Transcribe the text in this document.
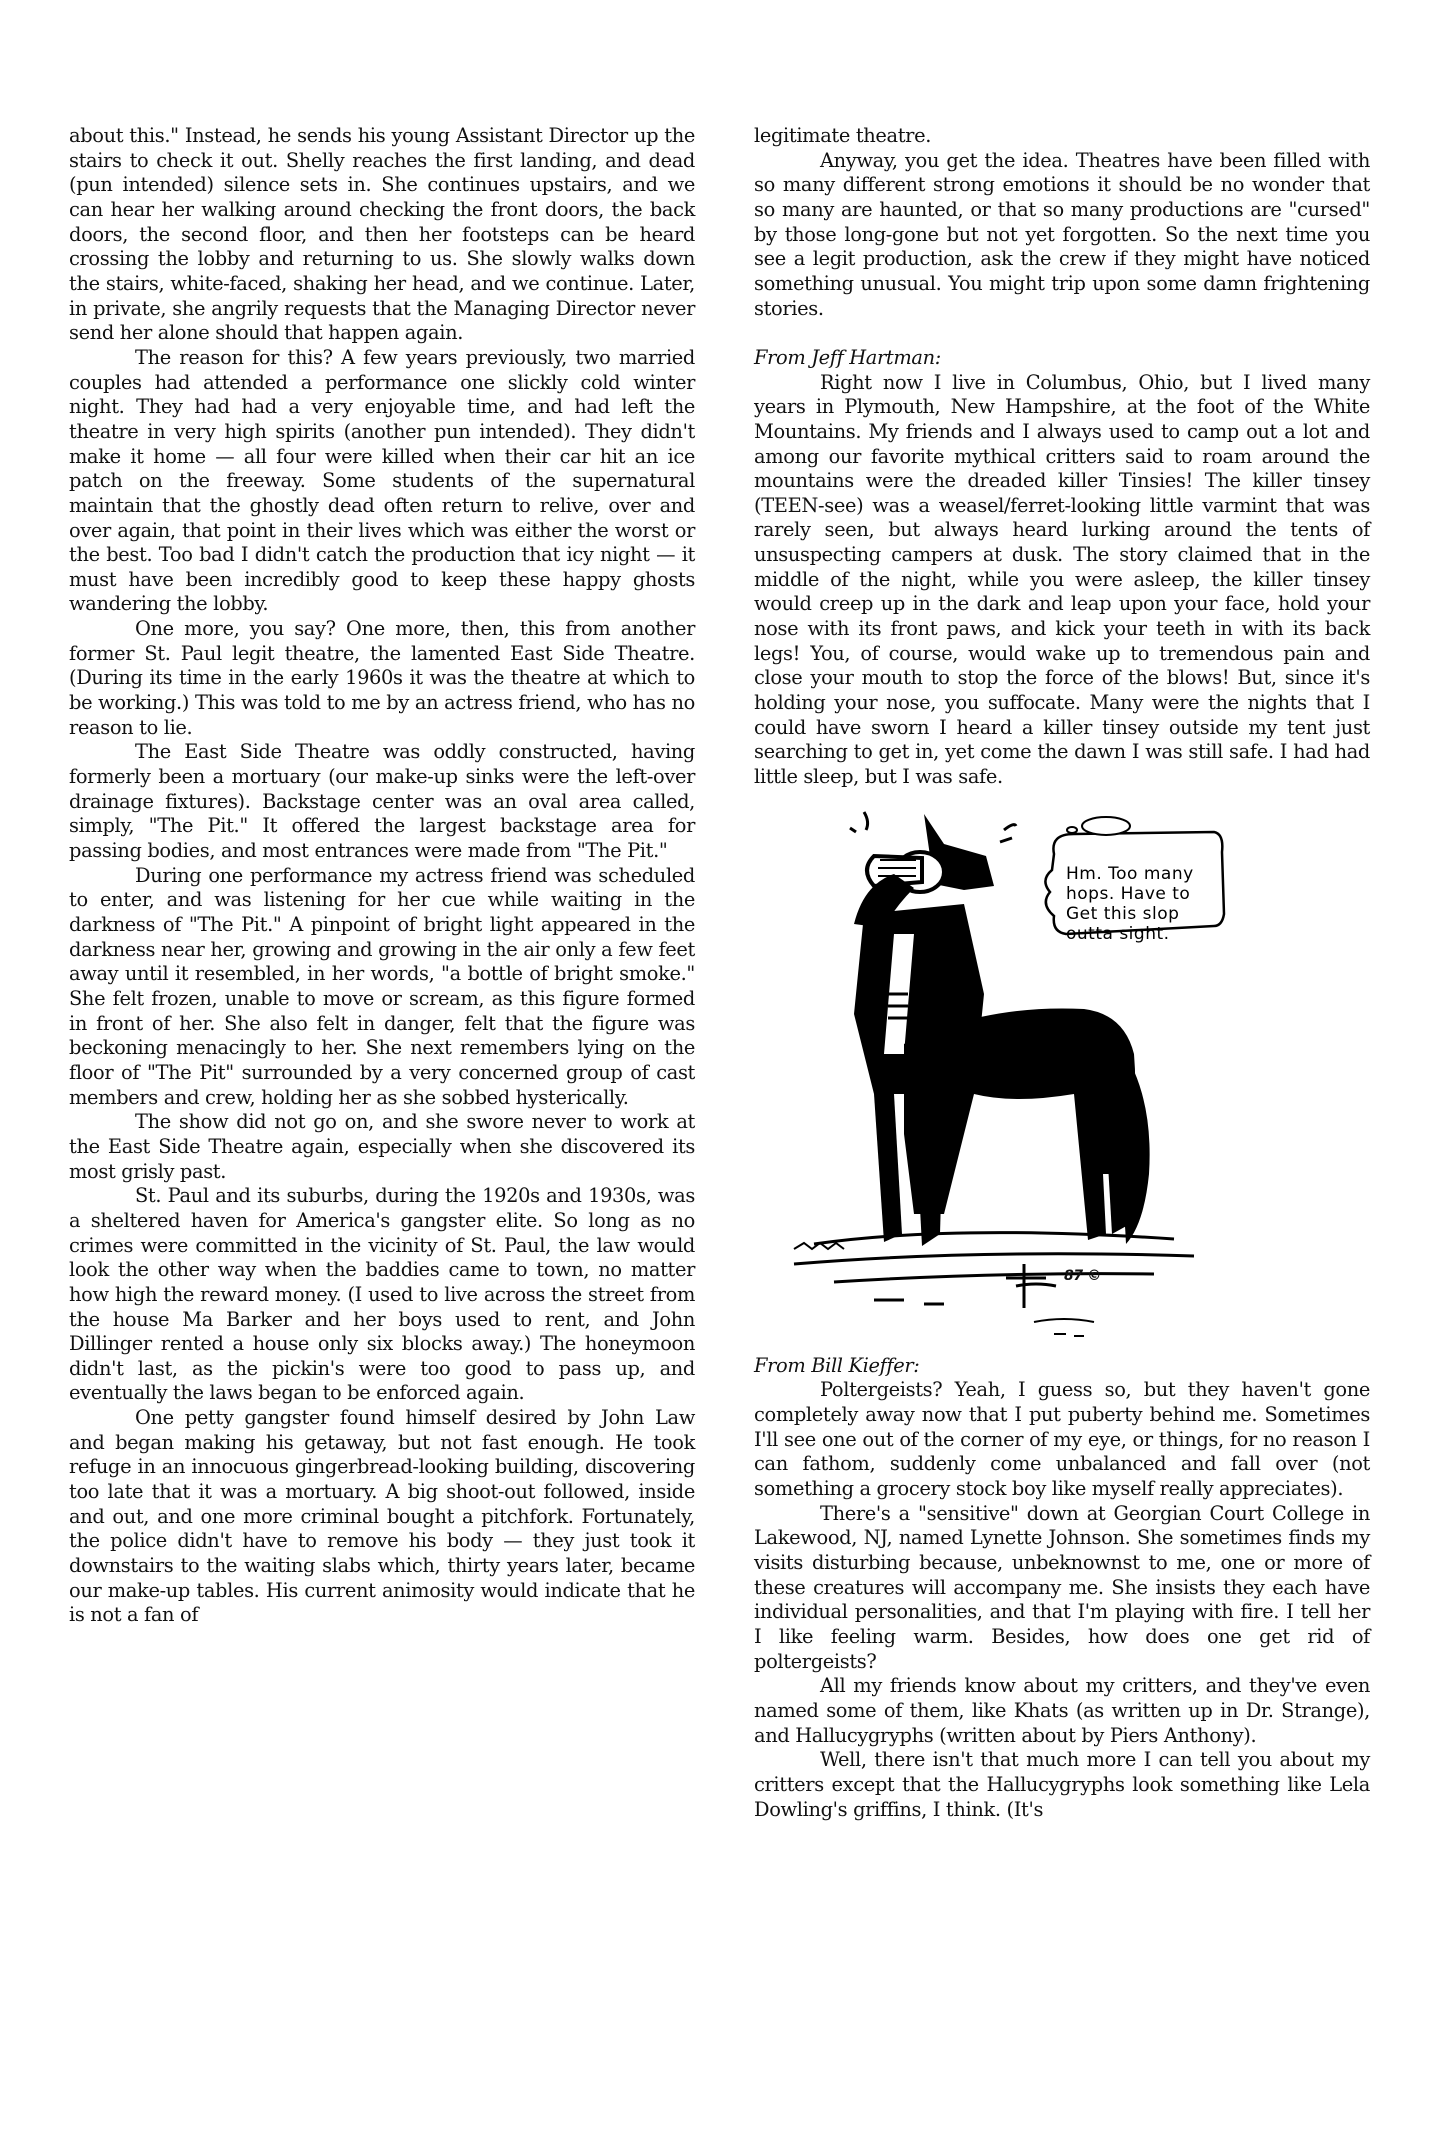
about this." Instead, he sends his young Assistant Director up the stairs to check it out. Shelly reaches the first landing, and dead (pun intended) silence sets in. She continues upstairs, and we can hear her walking around checking the front doors, the back doors, the second floor, and then her footsteps can be heard crossing the lobby and returning to us. She slowly walks down the stairs, white-faced, shaking her head, and we continue. Later, in private, she angrily requests that the Managing Director never send her alone should that happen again.

The reason for this? A few years previously, two married couples had attended a performance one slickly cold winter night. They had had a very enjoyable time, and had left the theatre in very high spirits (another pun intended). They didn't make it home — all four were killed when their car hit an ice patch on the freeway. Some students of the supernatural maintain that the ghostly dead often return to relive, over and over again, that point in their lives which was either the worst or the best. Too bad I didn't catch the production that icy night — it must have been incredibly good to keep these happy ghosts wandering the lobby.

One more, you say? One more, then, this from another former St. Paul legit theatre, the lamented East Side Theatre. (During its time in the early 1960s it was the theatre at which to be working.) This was told to me by an actress friend, who has no reason to lie.

The East Side Theatre was oddly constructed, having formerly been a mortuary (our make-up sinks were the left-over drainage fixtures). Backstage center was an oval area called, simply, "The Pit." It offered the largest backstage area for passing bodies, and most entrances were made from "The Pit."

During one performance my actress friend was scheduled to enter, and was listening for her cue while waiting in the darkness of "The Pit." A pinpoint of bright light appeared in the darkness near her, growing and growing in the air only a few feet away until it resembled, in her words, "a bottle of bright smoke." She felt frozen, unable to move or scream, as this figure formed in front of her. She also felt in danger, felt that the figure was beckoning menacingly to her. She next remembers lying on the floor of "The Pit" surrounded by a very concerned group of cast members and crew, holding her as she sobbed hysterically.

The show did not go on, and she swore never to work at the East Side Theatre again, especially when she discovered its most grisly past.

St. Paul and its suburbs, during the 1920s and 1930s, was a sheltered haven for America's gangster elite. So long as no crimes were committed in the vicinity of St. Paul, the law would look the other way when the baddies came to town, no matter how high the reward money. (I used to live across the street from the house Ma Barker and her boys used to rent, and John Dillinger rented a house only six blocks away.) The honeymoon didn't last, as the pickin's were too good to pass up, and eventually the laws began to be enforced again.

One petty gangster found himself desired by John Law and began making his getaway, but not fast enough. He took refuge in an innocuous gingerbread-looking building, discovering too late that it was a mortuary. A big shoot-out followed, inside and out, and one more criminal bought a pitchfork. Fortunately, the police didn't have to remove his body — they just took it downstairs to the waiting slabs which, thirty years later, became our make-up tables. His current animosity would indicate that he is not a fan of

legitimate theatre.

Anyway, you get the idea. Theatres have been filled with so many different strong emotions it should be no wonder that so many are haunted, or that so many productions are "cursed" by those long-gone but not yet forgotten. So the next time you see a legit production, ask the crew if they might have noticed something unusual. You might trip upon some damn frightening stories.

From Jeff Hartman:

Right now I live in Columbus, Ohio, but I lived many years in Plymouth, New Hampshire, at the foot of the White Mountains. My friends and I always used to camp out a lot and among our favorite mythical critters said to roam around the mountains were the dreaded killer Tinsies! The killer tinsey (TEEN-see) was a weasel/ferret-looking little varmint that was rarely seen, but always heard lurking around the tents of unsuspecting campers at dusk. The story claimed that in the middle of the night, while you were asleep, the killer tinsey would creep up in the dark and leap upon your face, hold your nose with its front paws, and kick your teeth in with its back legs! You, of course, would wake up to tremendous pain and close your mouth to stop the force of the blows! But, since it's holding your nose, you suffocate. Many were the nights that I could have sworn I heard a killer tinsey outside my tent just searching to get in, yet come the dawn I was still safe. I had had little sleep, but I was safe.

Hm. Too many
hops. Have to
Get this slop
outta sight.
87 ©

From Bill Kieffer:

Poltergeists? Yeah, I guess so, but they haven't gone completely away now that I put puberty behind me. Sometimes I'll see one out of the corner of my eye, or things, for no reason I can fathom, suddenly come unbalanced and fall over (not something a grocery stock boy like myself really appreciates).

There's a "sensitive" down at Georgian Court College in Lakewood, NJ, named Lynette Johnson. She sometimes finds my visits disturbing because, unbeknownst to me, one or more of these creatures will accompany me. She insists they each have individual personalities, and that I'm playing with fire. I tell her I like feeling warm. Besides, how does one get rid of poltergeists?

All my friends know about my critters, and they've even named some of them, like Khats (as written up in Dr. Strange), and Hallucygryphs (written about by Piers Anthony).

Well, there isn't that much more I can tell you about my critters except that the Hallucygryphs look something like Lela Dowling's griffins, I think. (It's
